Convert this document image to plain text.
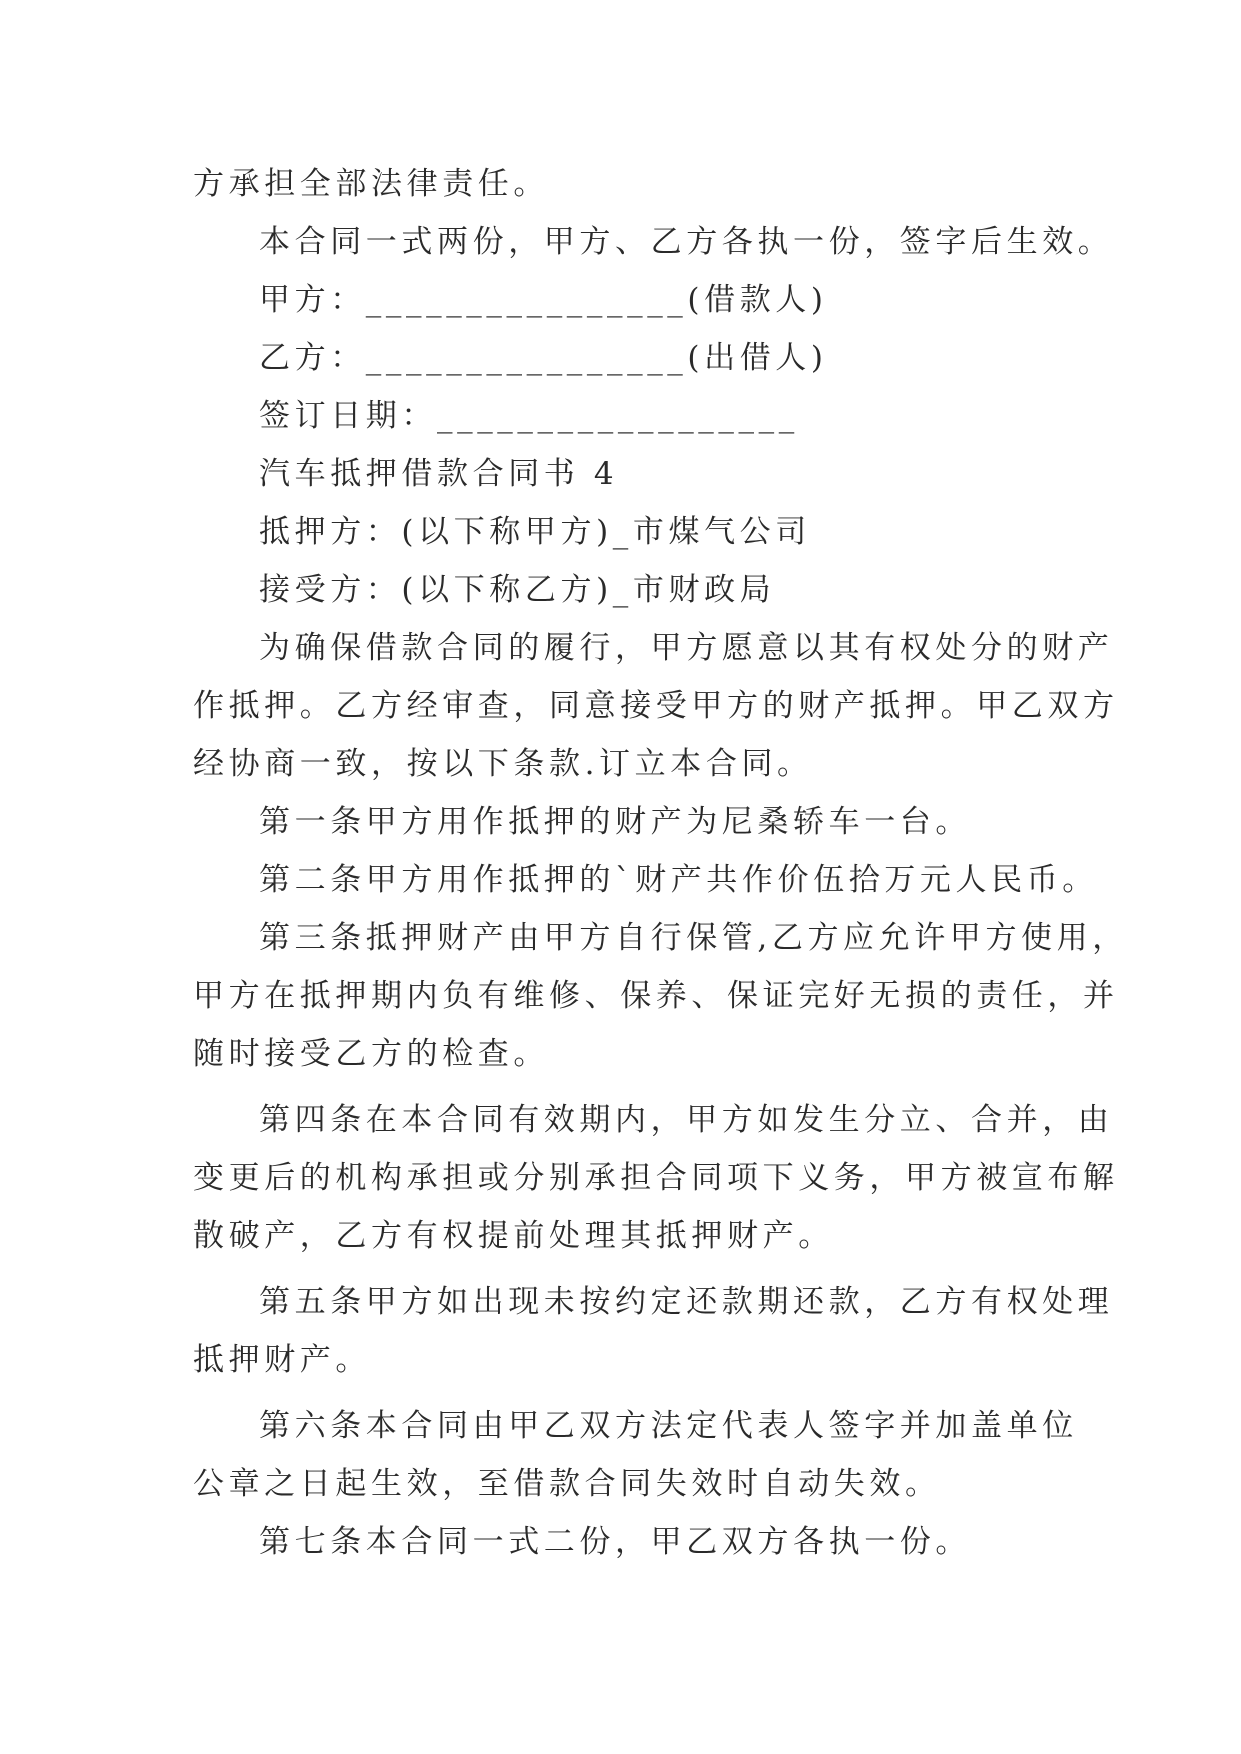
方承担全部法律责任。
本合同一式两份，甲方、乙方各执一份，签字后生效。
甲方：________________(借款人)
乙方：________________(出借人)
签订日期：__________________
汽车抵押借款合同书 4
抵押方：(以下称甲方)_市煤气公司
接受方：(以下称乙方)_市财政局
为确保借款合同的履行，甲方愿意以其有权处分的财产
作抵押。乙方经审查，同意接受甲方的财产抵押。甲乙双方
经协商一致，按以下条款.订立本合同。
第一条甲方用作抵押的财产为尼桑轿车一台。
第二条甲方用作抵押的`财产共作价伍拾万元人民币。
第三条抵押财产由甲方自行保管,乙方应允许甲方使用，
甲方在抵押期内负有维修、保养、保证完好无损的责任，并
随时接受乙方的检查。
第四条在本合同有效期内，甲方如发生分立、合并，由
变更后的机构承担或分别承担合同项下义务，甲方被宣布解
散破产，乙方有权提前处理其抵押财产。
第五条甲方如出现未按约定还款期还款，乙方有权处理
抵押财产。
第六条本合同由甲乙双方法定代表人签字并加盖单位
公章之日起生效，至借款合同失效时自动失效。
第七条本合同一式二份，甲乙双方各执一份。
